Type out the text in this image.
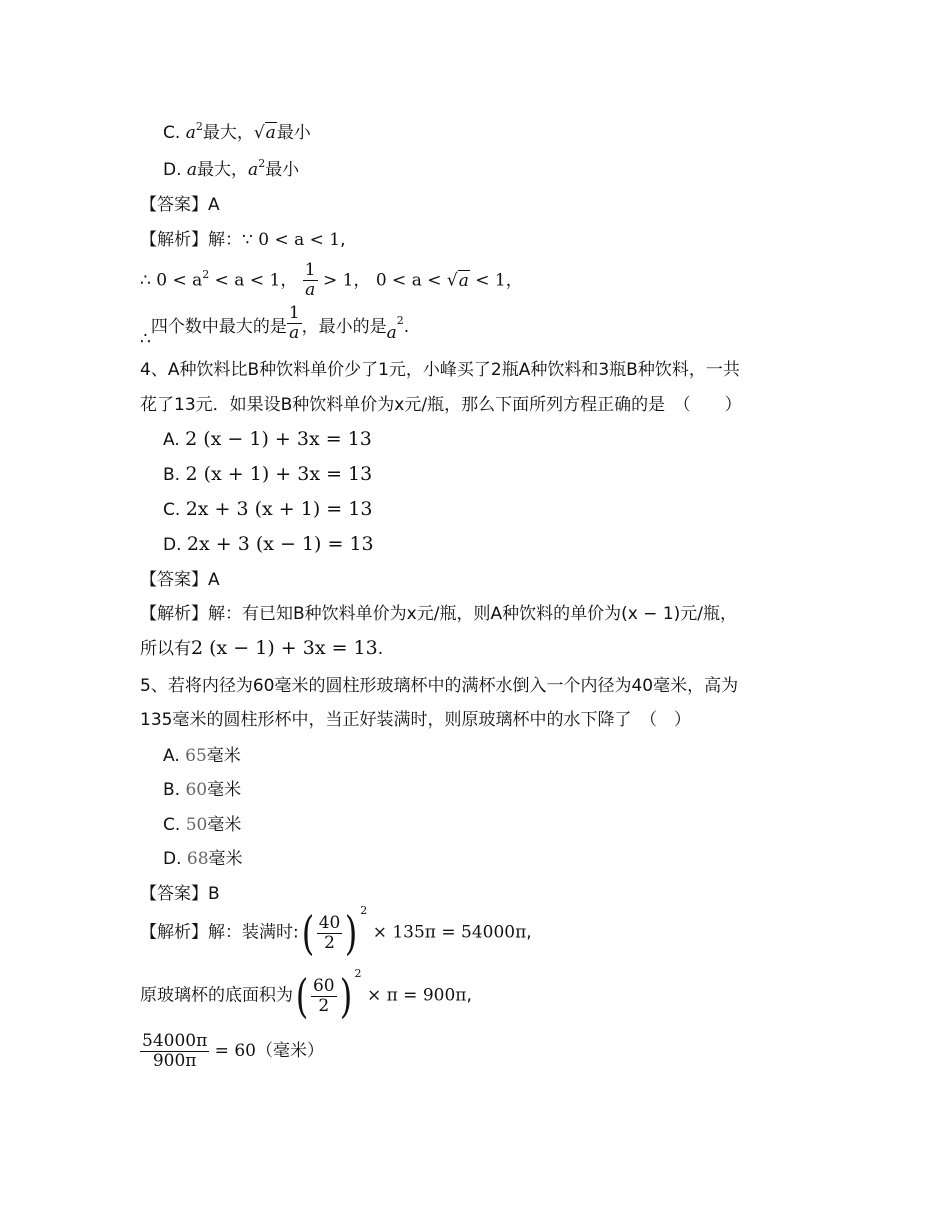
C. $a^2$最大，√a最小
D. a最大，$a^2$最小
【答案】A
【解析】解：∵ 0 < a < 1,
∴ $0 < a^2 < a < 1$， $\frac{1}{a} > 1$， 0 < a < √a < 1，
∴四个数中最大的是 $\frac{1}{a}$ ，最小的是$a^2$.
4、A种饮料比B种饮料单价少了1元，小峰买了2瓶A种饮料和3瓶B种饮料，一共
花了13元．如果设B种饮料单价为x元/瓶，那么下面所列方程正确的是　（　　）
A. 2 (x − 1) + 3x = 13
B. 2 (x + 1) + 3x = 13
C. 2x + 3 (x + 1) = 13
D. 2x + 3 (x − 1) = 13
【答案】A
【解析】解：有已知B种饮料单价为x元/瓶，则A种饮料的单价为(x − 1)元/瓶，
所以有2 (x − 1) + 3x = 13.
5、若将内径为60毫米的圆柱形玻璃杯中的满杯水倒入一个内径为40毫米，高为
135毫米的圆柱形杯中，当正好装满时，则原玻璃杯中的水下降了　（　）
A. 65毫米
B. 60毫米
C. 50毫米
D. 68毫米
【答案】B
【解析】解：装满时:( $\frac{40}{2}$ ) $^2$ × 135π = 54000π,
原玻璃杯的底面积为( $\frac{60}{2}$ ) $^2$ × π = 900π,
$\frac{54000\pi}{900\pi} = 60$（毫米）
